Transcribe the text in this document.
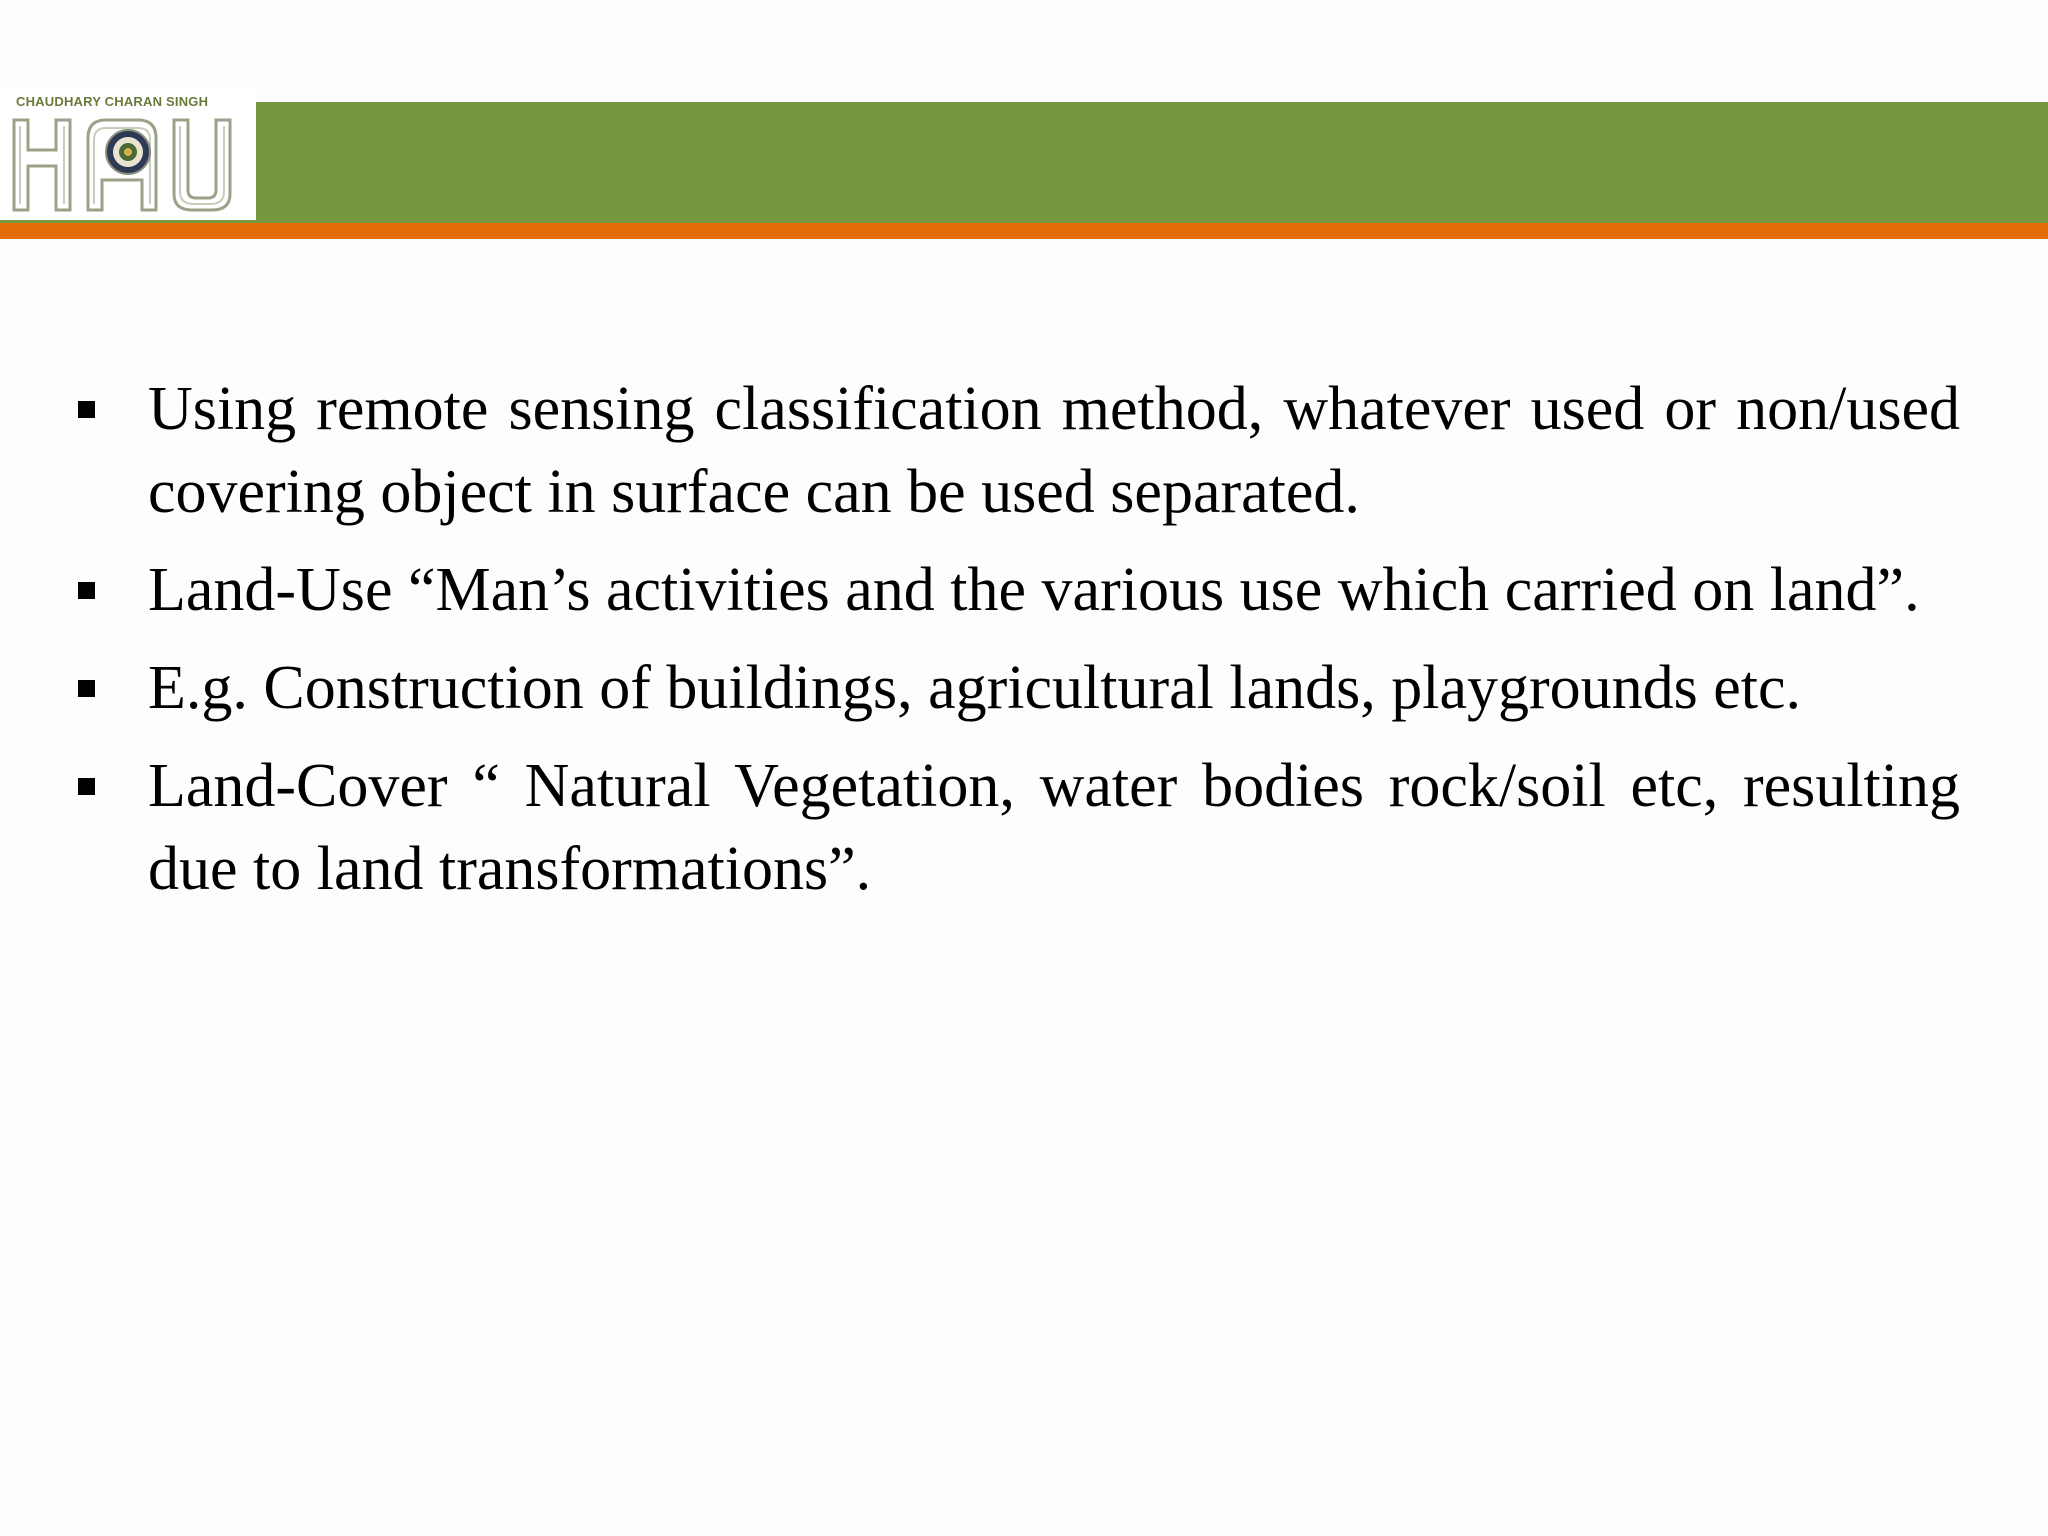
CHAUDHARY CHARAN SINGH
Using remote sensing classification method, whatever used or non/used covering object in surface can be used separated.
Land-Use “Man’s activities and the various use which carried on land”.
E.g. Construction of buildings, agricultural lands, playgrounds etc.
Land-Cover “ Natural Vegetation, water bodies rock/soil etc, resulting due to land transformations”.
